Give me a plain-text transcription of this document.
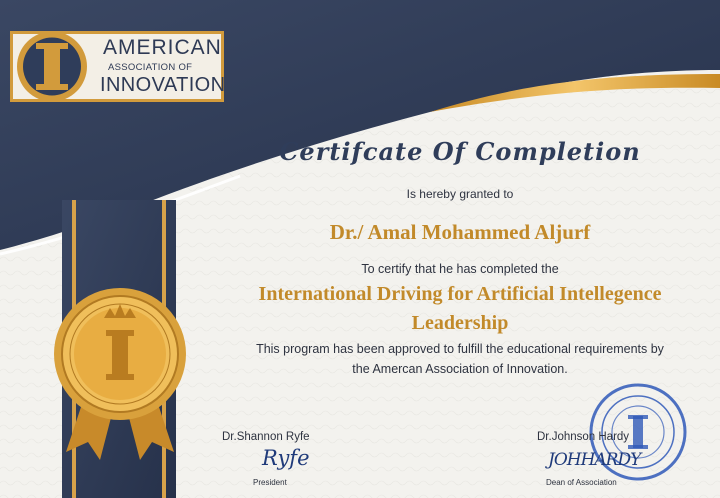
AMERICAN
ASSOCIATION OF
INNOVATION
Certifcate Of Completion
Is hereby granted to
Dr./ Amal Mohammed Aljurf
To certify that he has completed the
International Driving for Artificial Intellegence
Leadership
This program has been approved to fulfill the educational requirements by
the Amercan Association of Innovation.
Dr.Shannon Ryfe
Ryfe
President
Dr.Johnson Hardy
JOHHARDY
Dean of Association
